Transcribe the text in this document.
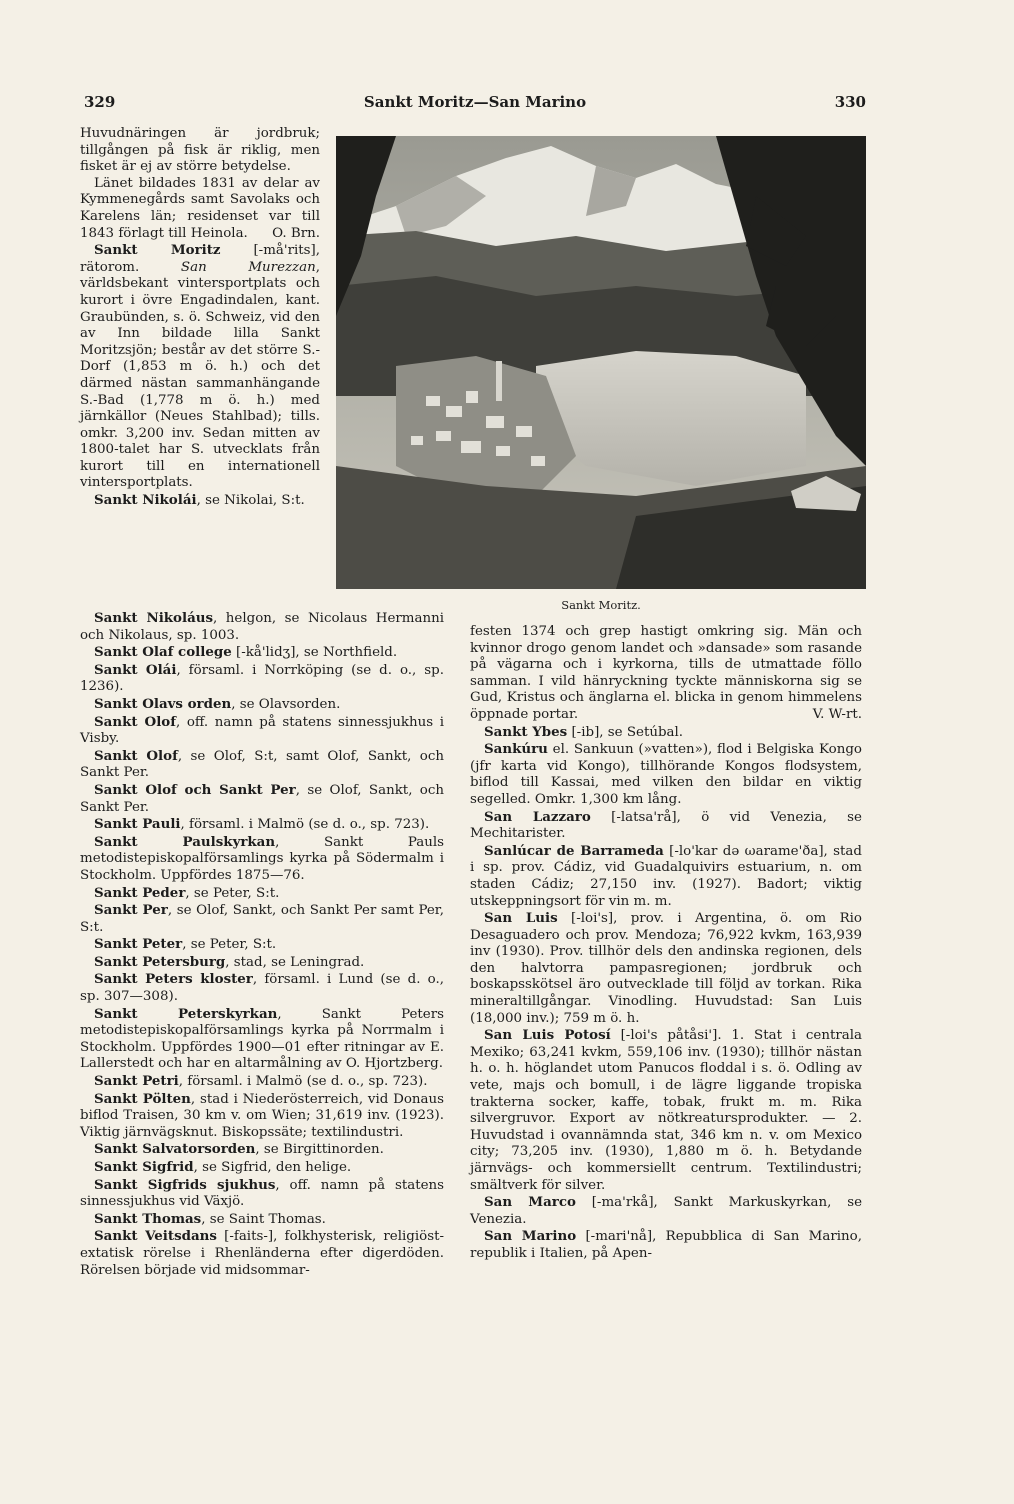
329	Sankt Moritz—San Marino	330

Huvudnäringen är jordbruk; tillgången på fisk är riklig, men fisket är ej av större betydelse.

Länet bildades 1831 av delar av Kymmenegårds samt Savolaks och Karelens län; residenset var till 1843 förlagt till Heinola.	O. Brn.

Sankt Moritz [-må'rits], rätorom. San Murezzan, världsbekant vintersportplats och kurort i övre Engadindalen, kant. Graubünden, s. ö. Schweiz, vid den av Inn bildade lilla Sankt Moritzsjön; består av det större S.-Dorf (1,853 m ö. h.) och det därmed nästan sammanhängande S.-Bad (1,778 m ö. h.) med järnkällor (Neues Stahlbad); tills. omkr. 3,200 inv. Sedan mitten av 1800-talet har S. utvecklats från kurort till en internationell vintersportplats.

Sankt Nikolái, se Nikolai, S:t.

Sankt Moritz.

Sankt Nikoláus, helgon, se Nicolaus Hermanni och Nikolaus, sp. 1003.

Sankt Olaf college [-kå'lidʒ], se Northfield.

Sankt Olái, församl. i Norrköping (se d. o., sp. 1236).

Sankt Olavs orden, se Olavsorden.

Sankt Olof, off. namn på statens sinnessjukhus i Visby.

Sankt Olof, se Olof, S:t, samt Olof, Sankt, och Sankt Per.

Sankt Olof och Sankt Per, se Olof, Sankt, och Sankt Per.

Sankt Pauli, församl. i Malmö (se d. o., sp. 723).

Sankt Paulskyrkan, Sankt Pauls metodistepiskopalförsamlings kyrka på Södermalm i Stockholm. Uppfördes 1875—76.

Sankt Peder, se Peter, S:t.

Sankt Per, se Olof, Sankt, och Sankt Per samt Per, S:t.

Sankt Peter, se Peter, S:t.

Sankt Petersburg, stad, se Leningrad.

Sankt Peters kloster, församl. i Lund (se d. o., sp. 307—308).

Sankt Peterskyrkan, Sankt Peters metodistepiskopalförsamlings kyrka på Norrmalm i Stockholm. Uppfördes 1900—01 efter ritningar av E. Lallerstedt och har en altarmålning av O. Hjortzberg.

Sankt Petri, församl. i Malmö (se d. o., sp. 723).

Sankt Pölten, stad i Niederösterreich, vid Donaus biflod Traisen, 30 km v. om Wien; 31,619 inv. (1923). Viktig järnvägsknut. Biskopssäte; textilindustri.

Sankt Salvatorsorden, se Birgittinorden.

Sankt Sigfrid, se Sigfrid, den helige.

Sankt Sigfrids sjukhus, off. namn på statens sinnessjukhus vid Växjö.

Sankt Thomas, se Saint Thomas.

Sankt Veitsdans [-faits-], folkhysterisk, religiöst-extatisk rörelse i Rhenländerna efter digerdöden. Rörelsen började vid midsommar-

festen 1374 och grep hastigt omkring sig. Män och kvinnor drogo genom landet och »dansade» som rasande på vägarna och i kyrkorna, tills de utmattade föllo samman. I vild hänryckning tyckte människorna sig se Gud, Kristus och änglarna el. blicka in genom himmelens öppnade portar.	V. W-rt.

Sankt Ybes [-ib], se Setúbal.

Sankúru el. Sankuun (»vatten»), flod i Belgiska Kongo (jfr karta vid Kongo), tillhörande Kongos flodsystem, biflod till Kassai, med vilken den bildar en viktig segelled. Omkr. 1,300 km lång.

San Lazzaro [-latsa'rå], ö vid Venezia, se Mechitarister.

Sanlúcar de Barrameda [-lo'kar də ωarame'ða], stad i sp. prov. Cádiz, vid Guadalquivirs estuarium, n. om staden Cádiz; 27,150 inv. (1927). Badort; viktig utskeppningsort för vin m. m.

San Luis [-loi's], prov. i Argentina, ö. om Rio Desaguadero och prov. Mendoza; 76,922 kvkm, 163,939 inv (1930). Prov. tillhör dels den andinska regionen, dels den halvtorra pampasregionen; jordbruk och boskapsskötsel äro outvecklade till följd av torkan. Rika mineraltillgångar. Vinodling. Huvudstad: San Luis (18,000 inv.); 759 m ö. h.

San Luis Potosí [-loi's påtåsi']. 1. Stat i centrala Mexiko; 63,241 kvkm, 559,106 inv. (1930); tillhör nästan h. o. h. höglandet utom Panucos floddal i s. ö. Odling av vete, majs och bomull, i de lägre liggande tropiska trakterna socker, kaffe, tobak, frukt m. m. Rika silvergruvor. Export av nötkreatursprodukter. — 2. Huvudstad i ovannämnda stat, 346 km n. v. om Mexico city; 73,205 inv. (1930), 1,880 m ö. h. Betydande järnvägs- och kommersiellt centrum. Textilindustri; smältverk för silver.

San Marco [-ma'rkå], Sankt Markuskyrkan, se Venezia.

San Marino [-mari'nå], Repubblica di San Marino, republik i Italien, på Apen-
